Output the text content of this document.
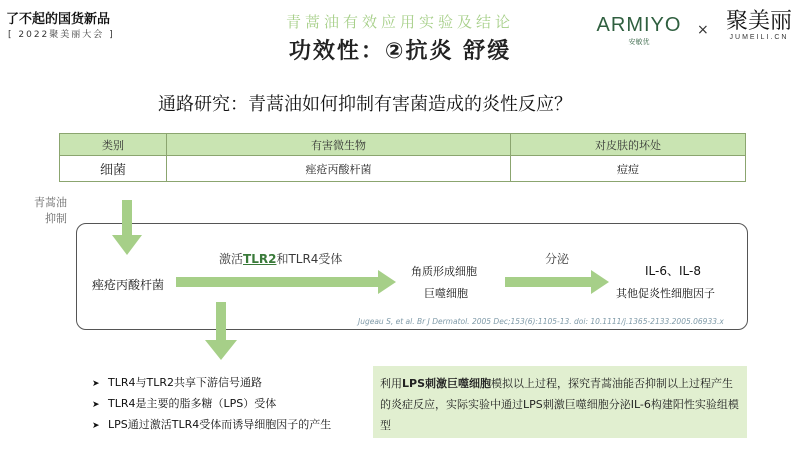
了不起的国货新品
[ 2022聚美丽大会 ]
青蒿油有效应用实验及结论
功效性：②抗炎 舒缓
ARMIYO
安敏优
× 聚美丽
JUMEILI.CN
通路研究：青蒿油如何抑制有害菌造成的炎性反应？
类别	有害微生物	对皮肤的坏处
细菌	痤疮丙酸杆菌	痘痘
青蒿油
抑制
痤疮丙酸杆菌
激活TLR2和TLR4受体
角质形成细胞
巨噬细胞
分泌
IL-6、IL-8
其他促炎性细胞因子
Jugeau S, et al. Br J Dermatol. 2005 Dec;153(6):1105-13. doi: 10.1111/j.1365-2133.2005.06933.x
➤ TLR4与TLR2共享下游信号通路
➤ TLR4是主要的脂多糖（LPS）受体
➤ LPS通过激活TLR4受体而诱导细胞因子的产生
利用LPS刺激巨噬细胞模拟以上过程，探究青蒿油能否抑制以上过程产生的炎症反应，实际实验中通过LPS刺激巨噬细胞分泌IL-6构建阳性实验组模型
